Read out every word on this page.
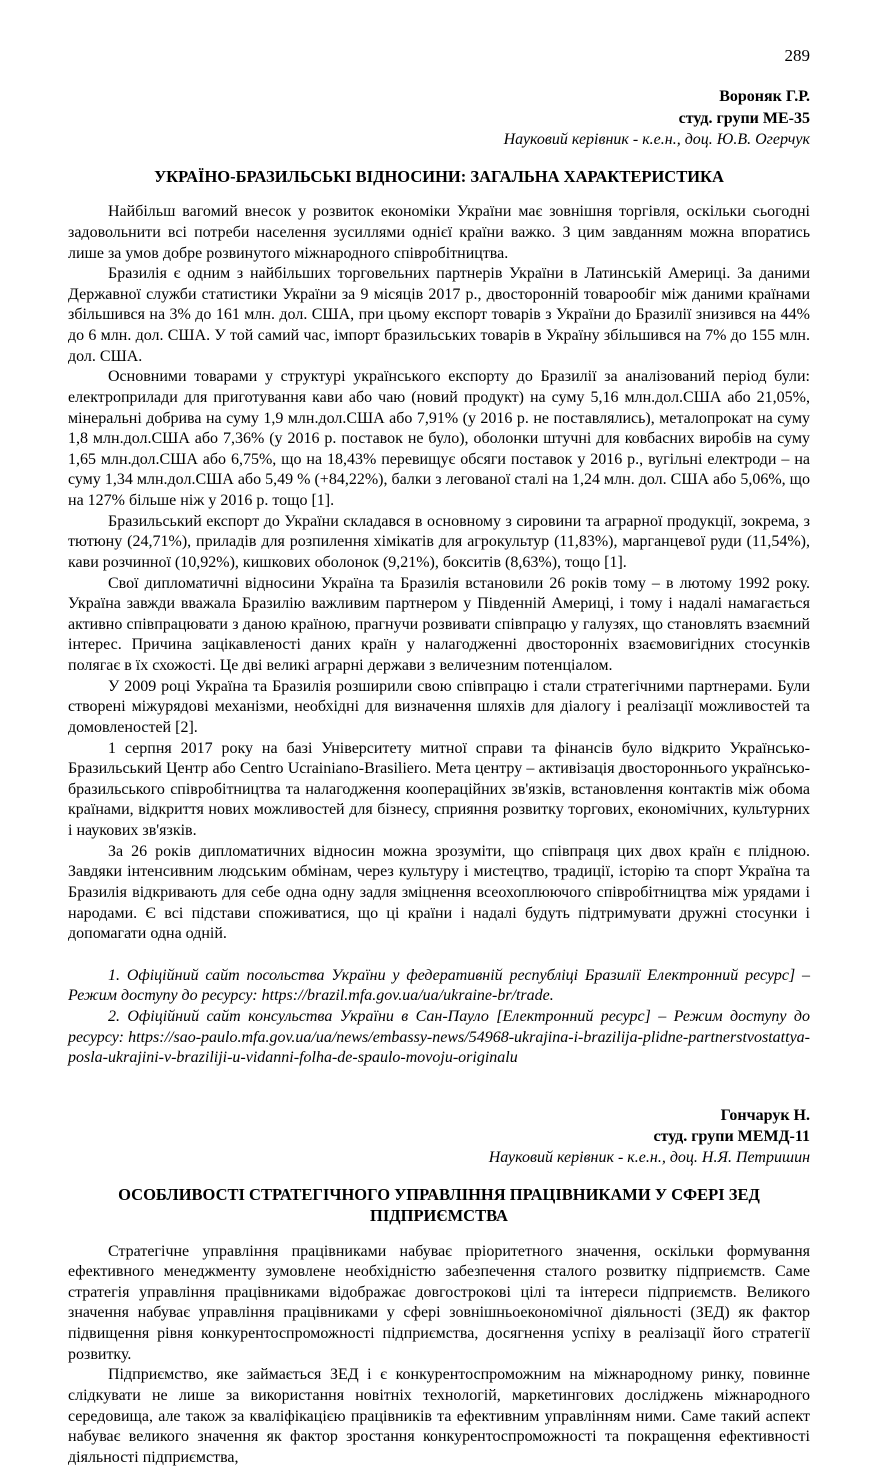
289
Вороняк Г.Р.
студ. групи МЕ-35
Науковий керівник - к.е.н., доц. Ю.В. Огерчук
УКРАЇНО-БРАЗИЛЬСЬКІ ВІДНОСИНИ: ЗАГАЛЬНА ХАРАКТЕРИСТИКА

Найбільш вагомий внесок у розвиток економіки України має зовнішня торгівля, оскільки сьогодні задовольнити всі потреби населення зусиллями однієї країни важко. З цим завданням можна впоратись лише за умов добре розвинутого міжнародного співробітництва.

Бразилія є одним з найбільших торговельних партнерів України в Латинській Америці. За даними Державної служби статистики України за 9 місяців 2017 р., двосторонній товарообіг між даними країнами збільшився на 3% до 161 млн. дол. США, при цьому експорт товарів з України до Бразилії знизився на 44% до 6 млн. дол. США. У той самий час, імпорт бразильських товарів в Україну збільшився на 7% до 155 млн. дол. США.

Основними товарами у структурі українського експорту до Бразилії за аналізований період були: електроприлади для приготування кави або чаю (новий продукт) на суму 5,16 млн.дол.США або 21,05%, мінеральні добрива на суму 1,9 млн.дол.США або 7,91% (у 2016 р. не поставлялись), металопрокат на суму 1,8 млн.дол.США або 7,36% (у 2016 р. поставок не було), оболонки штучні для ковбасних виробів на суму 1,65 млн.дол.США або 6,75%, що на 18,43% перевищує обсяги поставок у 2016 р., вугільні електроди – на суму 1,34 млн.дол.США або 5,49 % (+84,22%), балки з легованої сталі на 1,24 млн. дол. США або 5,06%, що на 127% більше ніж у 2016 р. тощо [1].

Бразильський експорт до України складався в основному з сировини та аграрної продукції, зокрема, з тютюну (24,71%), приладів для розпилення хімікатів для агрокультур (11,83%), марганцевої руди (11,54%), кави розчинної (10,92%), кишкових оболонок (9,21%), бокситів (8,63%), тощо [1].

Свої дипломатичні відносини Україна та Бразилія встановили 26 років тому – в лютому 1992 року. Україна завжди вважала Бразилію важливим партнером у Південній Америці, і тому і надалі намагається активно співпрацювати з даною країною, прагнучи розвивати співпрацю у галузях, що становлять взаємний інтерес. Причина зацікавленості даних країн у налагодженні двосторонніх взаємовигідних стосунків полягає в їх схожості. Це дві великі аграрні держави з величезним потенціалом.

У 2009 році Україна та Бразилія розширили свою співпрацю і стали стратегічними партнерами. Були створені міжурядові механізми, необхідні для визначення шляхів для діалогу і реалізації можливостей та домовленостей [2].

1 серпня 2017 року на базі Університету митної справи та фінансів було відкрито Українсько-Бразильський Центр або Centro Ucrainiano-Brasiliero. Мета центру – активізація двостороннього українсько-бразильського співробітництва та налагодження коопераційних зв'язків, встановлення контактів між обома країнами, відкриття нових можливостей для бізнесу, сприяння розвитку торгових, економічних, культурних і наукових зв'язків.

За 26 років дипломатичних відносин можна зрозуміти, що співпраця цих двох країн є плідною. Завдяки інтенсивним людським обмінам, через культуру і мистецтво, традиції, історію та спорт Україна та Бразилія відкривають для себе одна одну задля зміцнення всеохоплюючого співробітництва між урядами і народами. Є всі підстави споживатися, що ці країни і надалі будуть підтримувати дружні стосунки і допомагати одна одній.

1. Офіційний сайт посольства України у федеративній республіці Бразилії Електронний ресурс] – Режим доступу до ресурсу: https://brazil.mfa.gov.ua/ua/ukraine-br/trade.

2. Офіційний сайт консульства України в Сан-Пауло [Електронний ресурс] – Режим доступу до ресурсу: https://sao-paulo.mfa.gov.ua/ua/news/embassy-news/54968-ukrajina-i-brazilija-plidne-partnerstvostattya-posla-ukrajini-v-braziliji-u-vidanni-folha-de-spaulo-movoju-originalu

Гончарук Н.
студ. групи МЕМД-11
Науковий керівник - к.е.н., доц. Н.Я. Петришин
ОСОБЛИВОСТІ СТРАТЕГІЧНОГО УПРАВЛІННЯ ПРАЦІВНИКАМИ У СФЕРІ ЗЕД ПІДПРИЄМСТВА

Стратегічне управління працівниками набуває пріоритетного значення, оскільки формування ефективного менеджменту зумовлене необхідністю забезпечення сталого розвитку підприємств. Саме стратегія управління працівниками відображає довгострокові цілі та інтереси підприємств. Великого значення набуває управління працівниками у сфері зовнішньоекономічної діяльності (ЗЕД) як фактор підвищення рівня конкурентоспроможності підприємства, досягнення успіху в реалізації його стратегії розвитку.

Підприємство, яке займається ЗЕД і є конкурентоспроможним на міжнародному ринку, повинне слідкувати не лише за використання новітніх технологій, маркетингових досліджень міжнародного середовища, але також за кваліфікацією працівників та ефективним управлінням ними. Саме такий аспект набуває великого значення як фактор зростання конкурентоспроможності та покращення ефективності діяльності підприємства,
